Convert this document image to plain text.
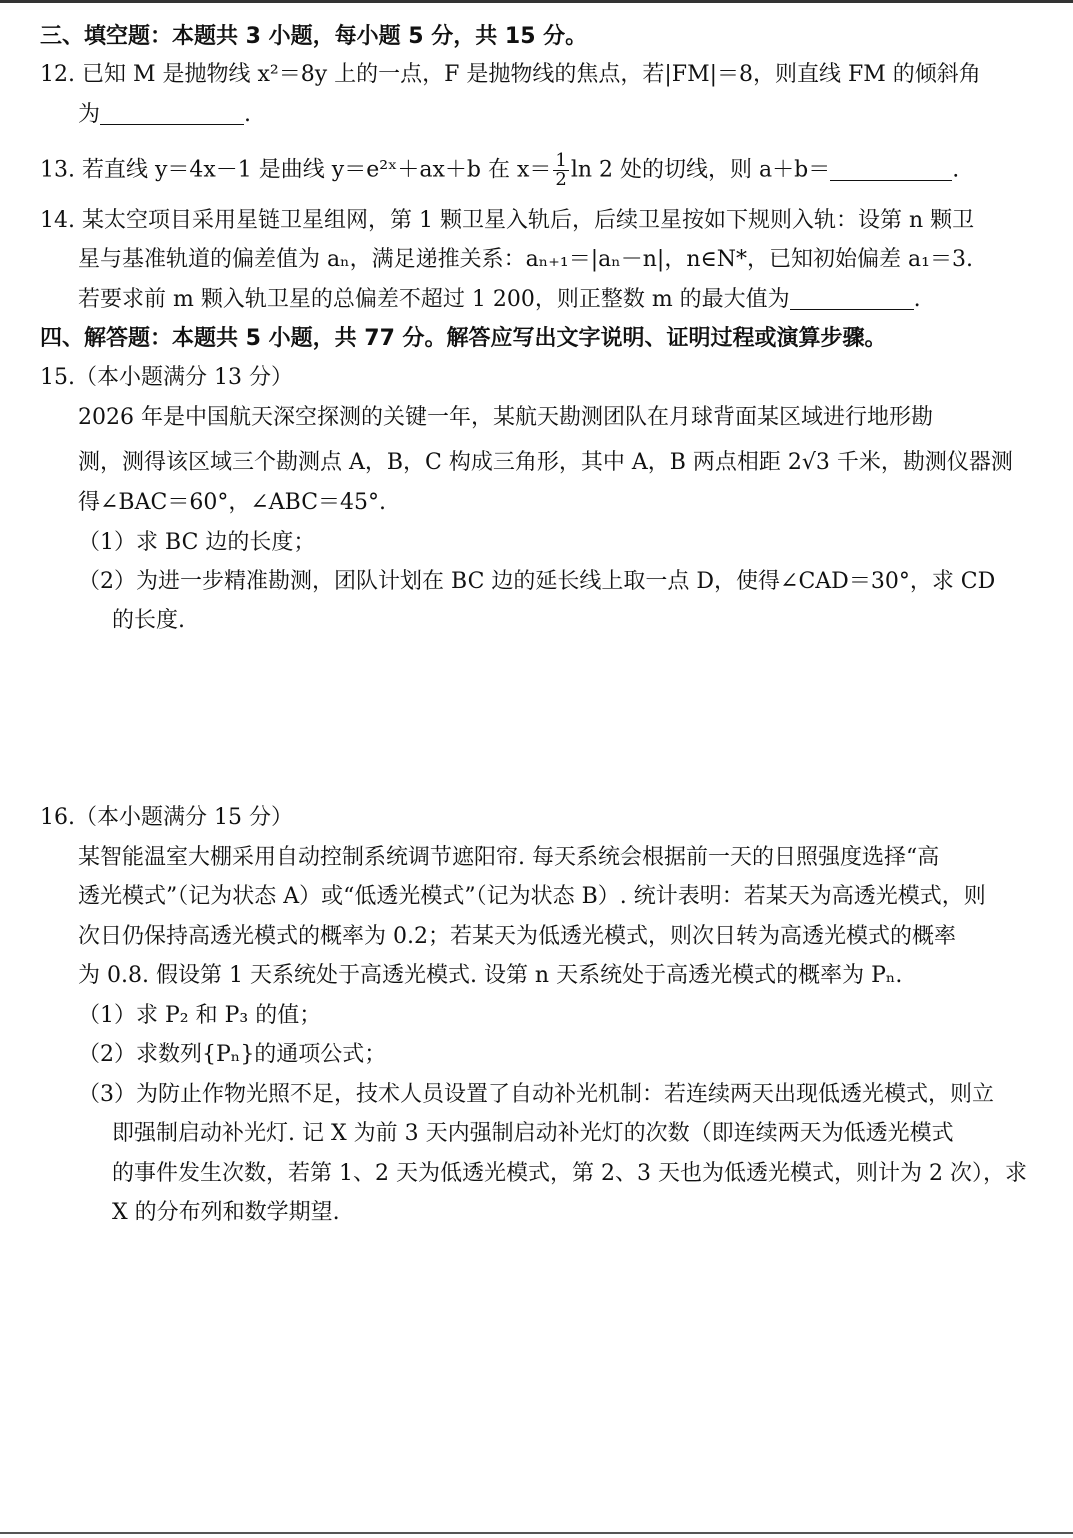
三、填空题：本题共 3 小题，每小题 5 分，共 15 分。
12. 已知 M 是抛物线 x²＝8y 上的一点，F 是抛物线的焦点，若|FM|＝8，则直线 FM 的倾斜角
为	.
13. 若直线 y＝4x－1 是曲线 y＝e²ˣ＋ax＋b 在 $x= \frac{1}{2}$ ln 2 处的切线，则 a＋b＝	.
14. 某太空项目采用星链卫星组网，第 1 颗卫星入轨后，后续卫星按如下规则入轨：设第 n 颗卫
星与基准轨道的偏差值为 aₙ，满足递推关系：aₙ₊₁＝|aₙ－n|，n∈N*，已知初始偏差 a₁＝3.
若要求前 m 颗入轨卫星的总偏差不超过 1 200，则正整数 m 的最大值为	.
四、解答题：本题共 5 小题，共 77 分。解答应写出文字说明、证明过程或演算步骤。
15.（本小题满分 13 分）
2026 年是中国航天深空探测的关键一年，某航天勘测团队在月球背面某区域进行地形勘
测，测得该区域三个勘测点 A，B，C 构成三角形，其中 A，B 两点相距 2√3 千米，勘测仪器测
得∠BAC＝60°，∠ABC＝45°.
（1）求 BC 边的长度；
（2）为进一步精准勘测，团队计划在 BC 边的延长线上取一点 D，使得∠CAD＝30°，求 CD
的长度.
16.（本小题满分 15 分）
某智能温室大棚采用自动控制系统调节遮阳帘. 每天系统会根据前一天的日照强度选择“高
透光模式”（记为状态 A）或“低透光模式”（记为状态 B）. 统计表明：若某天为高透光模式，则
次日仍保持高透光模式的概率为 0.2；若某天为低透光模式，则次日转为高透光模式的概率
为 0.8. 假设第 1 天系统处于高透光模式. 设第 n 天系统处于高透光模式的概率为 Pₙ.
（1）求 P₂ 和 P₃ 的值；
（2）求数列{Pₙ}的通项公式；
（3）为防止作物光照不足，技术人员设置了自动补光机制：若连续两天出现低透光模式，则立
即强制启动补光灯. 记 X 为前 3 天内强制启动补光灯的次数（即连续两天为低透光模式
的事件发生次数，若第 1、2 天为低透光模式，第 2、3 天也为低透光模式，则计为 2 次），求
X 的分布列和数学期望.
